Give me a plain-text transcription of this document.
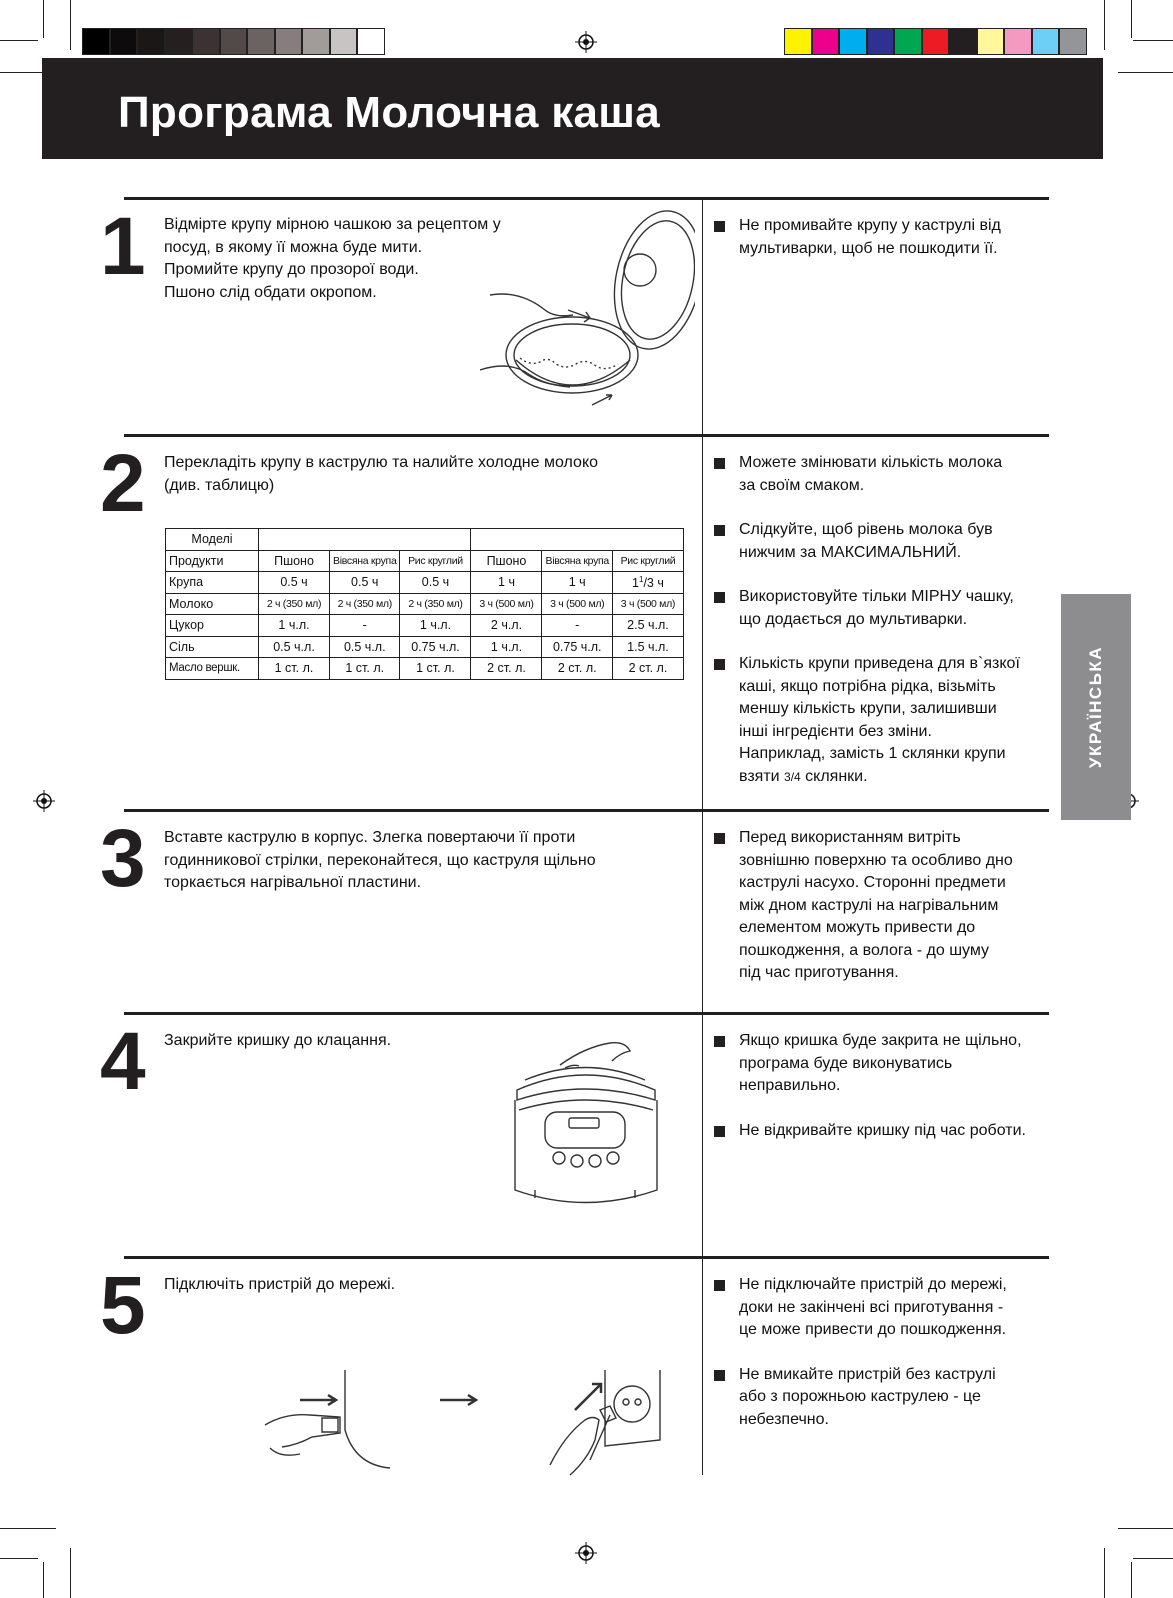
Програма Молочна каша
УКРАЇНСЬКА
1 Відмірте крупу мірною чашкою за рецептом у
посуд, в якому її можна буде мити.
Промийте крупу до прозорої води.
Пшоно слід обдати окропом.
Не промивайте крупу у каструлі від
мультиварки, щоб не пошкодити її.
2 Перекладіть крупу в каструлю та налийте холодне молоко
(див. таблицю)
Можете змінювати кількість молока
за своїм смаком.
Слідкуйте, щоб рівень молока був
нижчим за МАКСИМАЛЬНИЙ.
Використовуйте тільки МІРНУ чашку,
що додається до мультиварки.
Кількість крупи приведена для в`язкої
каші, якщо потрібна рідка, візьміть
меншу кількість крупи, залишивши
інші інгредієнти без зміни.
Наприклад, замість 1 склянки крупи
взяти 3/4 склянки.
Моделі						
Продукти	Пшоно	Вівсяна крупа	Рис круглий	Пшоно	Вівсяна крупа	Рис круглий
Крупа	0.5 ч	0.5 ч	0.5 ч	1 ч	1 ч	$1^1/3$ ч
Молоко	2 ч (350 мл)	2 ч (350 мл)	2 ч (350 мл)	3 ч (500 мл)	3 ч (500 мл)	3 ч (500 мл)
Цукор	1 ч.л.	-	1 ч.л.	2 ч.л.	-	2.5 ч.л.
Сіль	0.5 ч.л.	0.5 ч.л.	0.75 ч.л.	1 ч.л.	0.75 ч.л.	1.5 ч.л.
Масло вершк.	1 ст. л.	1 ст. л.	1 ст. л.	2 ст. л.	2 ст. л.	2 ст. л.
3 Вставте каструлю в корпус. Злегка повертаючи її проти
годинникової стрілки, переконайтеся, що каструля щільно
торкається нагрівальної пластини.
Перед використанням витріть
зовнішню поверхню та особливо дно
каструлі насухо. Сторонні предмети
між дном каструлі на нагрівальним
елементом можуть привести до
пошкодження, а волога - до шуму
під час приготування.
4 Закрийте кришку до клацання.	Якщо кришка буде закрита не щільно,
програма буде виконуватись
неправильно.
Не відкривайте кришку під час роботи.
5 Підключіть пристрій до мережі.	Не підключайте пристрій до мережі,
доки не закінчені всі приготування -
це може привести до пошкодження.
Не вмикайте пристрій без каструлі
або з порожньою каструлею - це
небезпечно.
